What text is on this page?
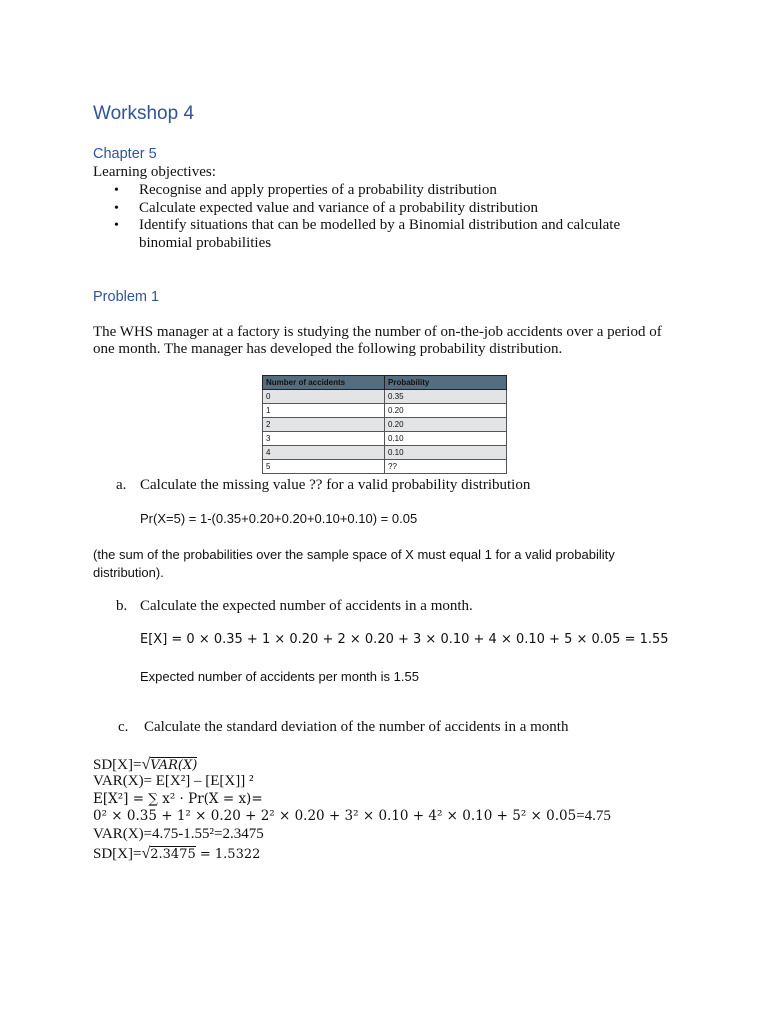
Workshop 4
Chapter 5
Learning objectives:
• Recognise and apply properties of a probability distribution
• Calculate expected value and variance of a probability distribution
• Identify situations that can be modelled by a Binomial distribution and calculate binomial probabilities
Problem 1

The WHS manager at a factory is studying the number of on-the-job accidents over a period of one month. The manager has developed the following probability distribution.

Number of accidents	Probability
0	0.35
1	0.20
2	0.20
3	0.10
4	0.10
5	??
a. Calculate the missing value ?? for a valid probability distribution
Pr(X=5) = 1-(0.35+0.20+0.20+0.10+0.10) = 0.05
(the sum of the probabilities over the sample space of X must equal 1 for a valid probability distribution).
b. Calculate the expected number of accidents in a month.
E[X] = 0 × 0.35 + 1 × 0.20 + 2 × 0.20 + 3 × 0.10 + 4 × 0.10 + 5 × 0.05 = 1.55
Expected number of accidents per month is 1.55
c. Calculate the standard deviation of the number of accidents in a month
SD[X]=√VAR(X)
VAR(X)= E[X²] – [E[X]] ²
E[X²] = ∑ x² · Pr(X = x)=
0² × 0.35 + 1² × 0.20 + 2² × 0.20 + 3² × 0.10 + 4² × 0.10 + 5² × 0.05=4.75
VAR(X)=4.75-1.55²=2.3475
SD[X]=√2.3475 = 1.5322
